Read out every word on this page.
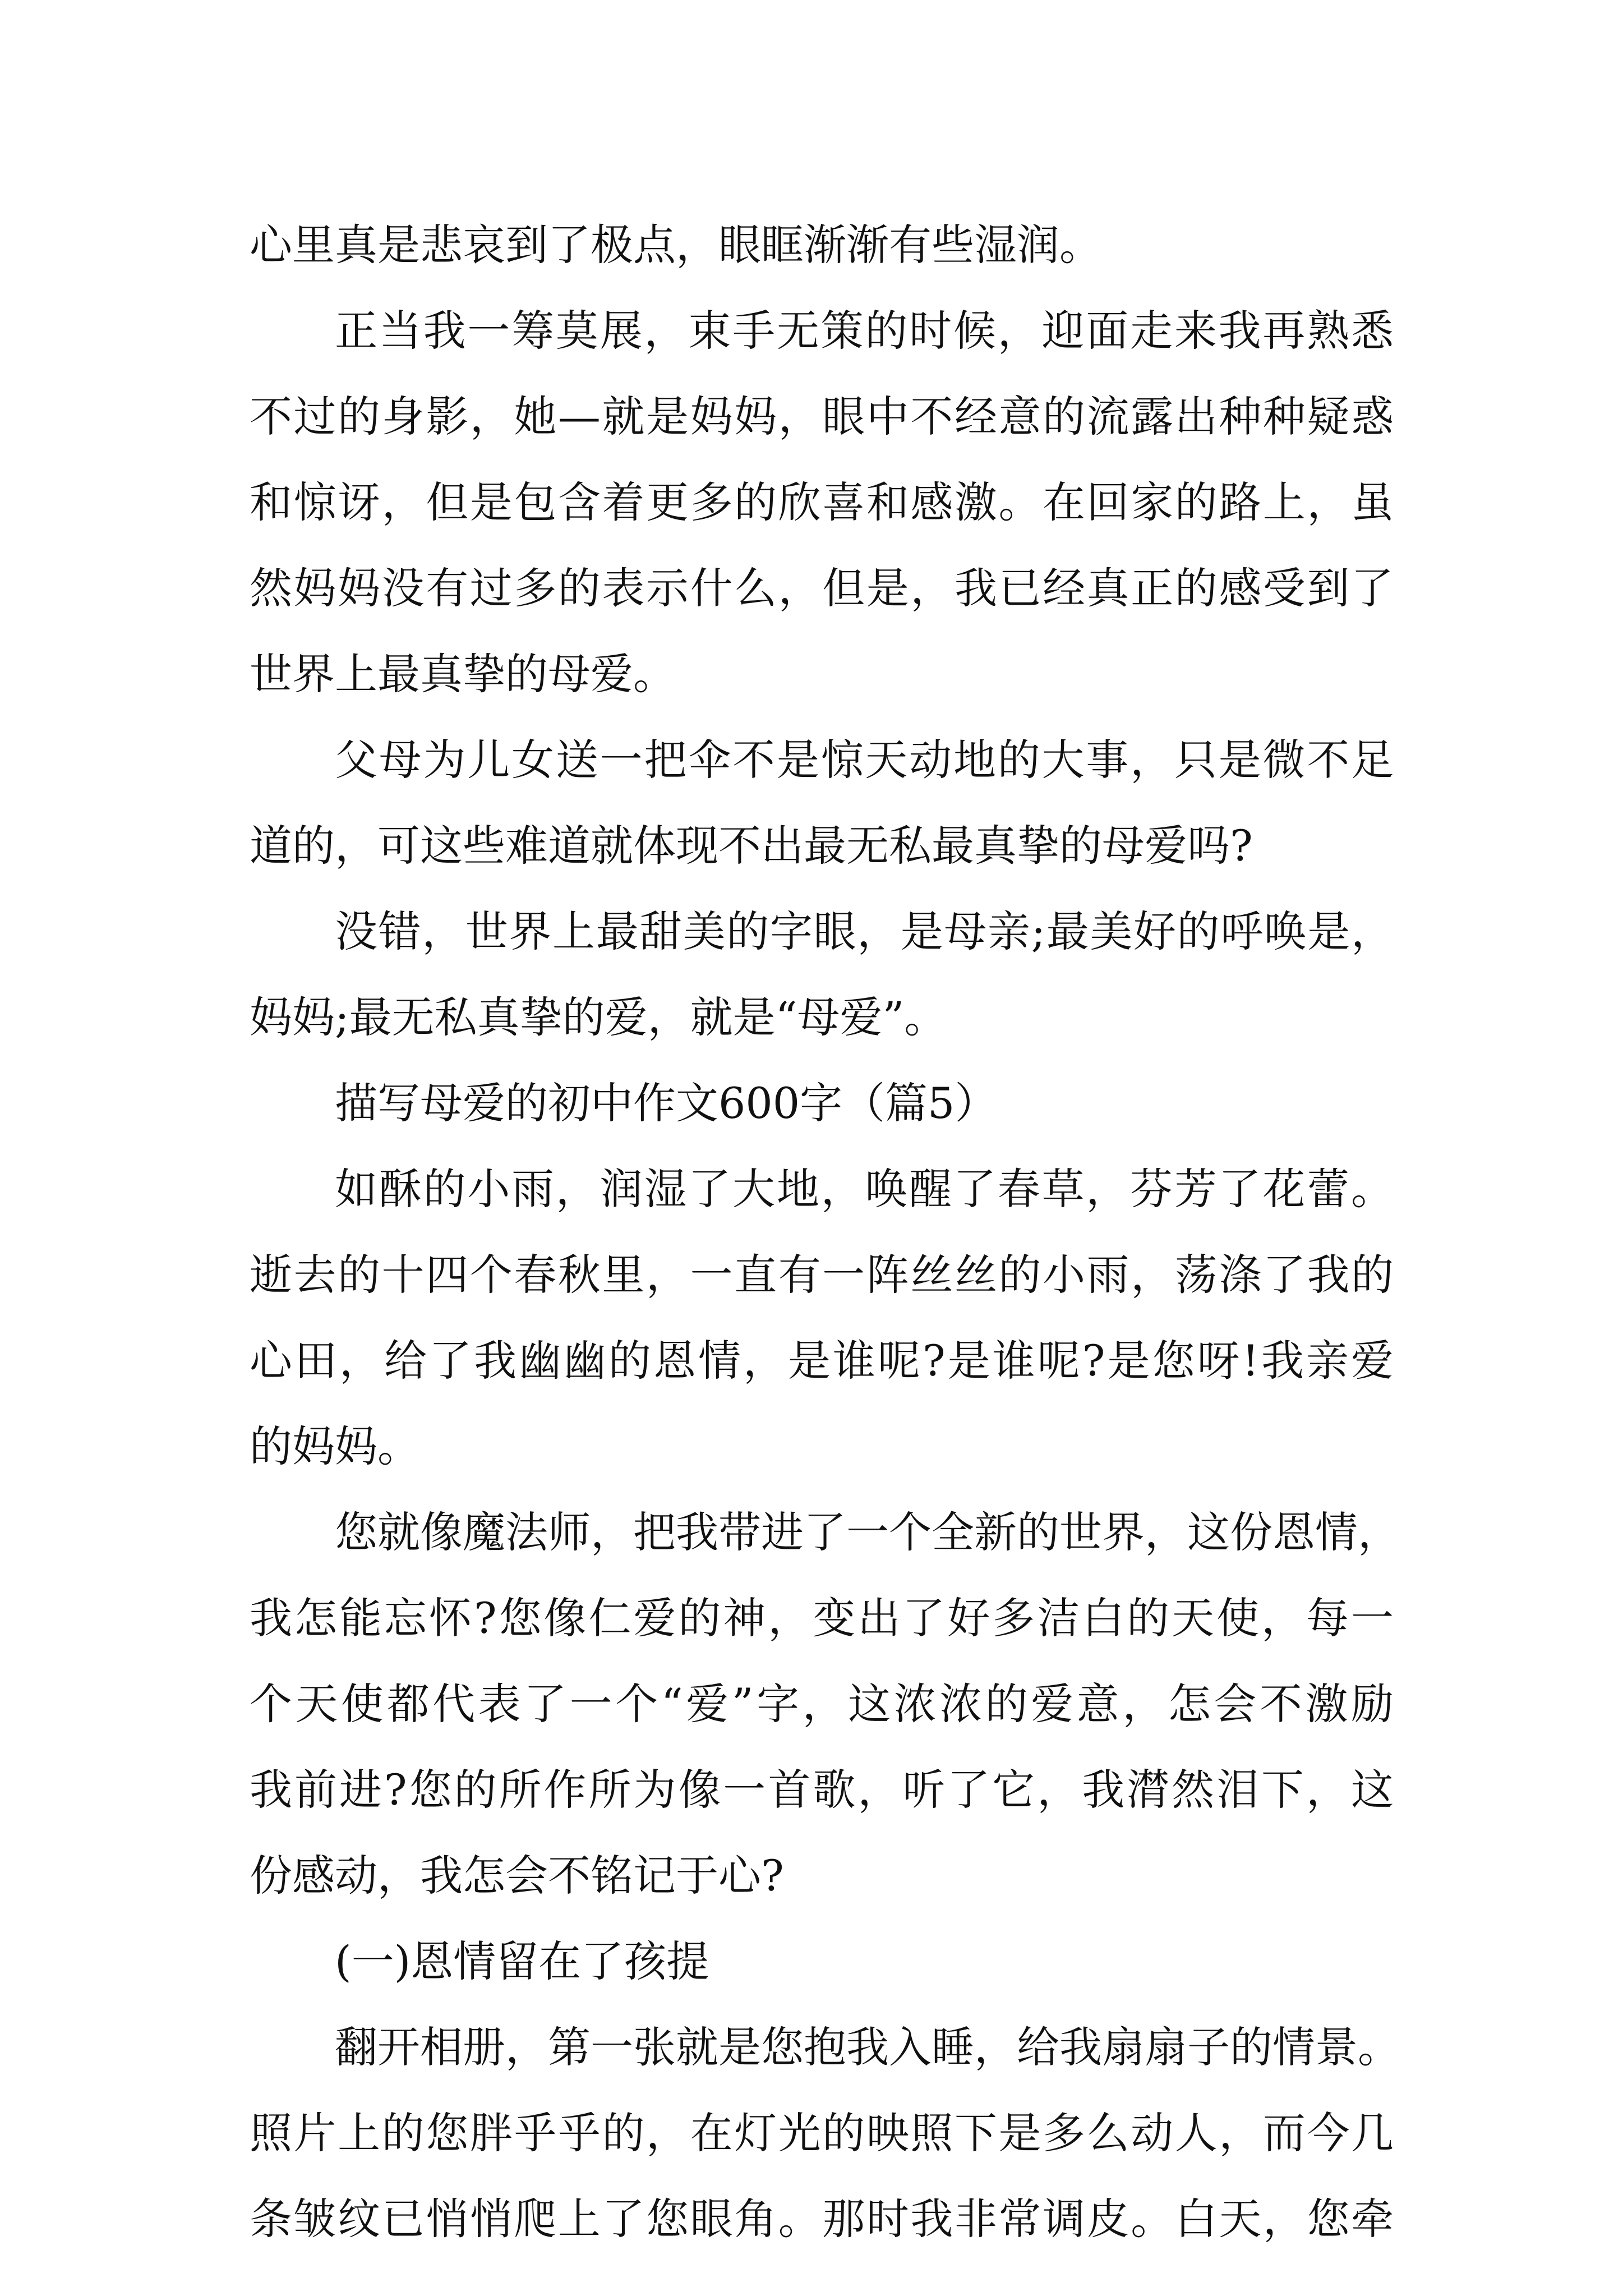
心里真是悲哀到了极点，眼眶渐渐有些湿润。
正当我一筹莫展，束手无策的时候，迎面走来我再熟悉
不过的身影，她—就是妈妈，眼中不经意的流露出种种疑惑
和惊讶，但是包含着更多的欣喜和感激。在回家的路上，虽
然妈妈没有过多的表示什么，但是，我已经真正的感受到了
世界上最真挚的母爱。
父母为儿女送一把伞不是惊天动地的大事，只是微不足
道的，可这些难道就体现不出最无私最真挚的母爱吗?
没错，世界上最甜美的字眼，是母亲;最美好的呼唤是，
妈妈;最无私真挚的爱，就是“母爱”。
描写母爱的初中作文600字（篇5）
如酥的小雨，润湿了大地，唤醒了春草，芬芳了花蕾。
逝去的十四个春秋里，一直有一阵丝丝的小雨，荡涤了我的
心田，给了我幽幽的恩情，是谁呢?是谁呢?是您呀!我亲爱
的妈妈。
您就像魔法师，把我带进了一个全新的世界，这份恩情，
我怎能忘怀?您像仁爱的神，变出了好多洁白的天使，每一
个天使都代表了一个“爱”字，这浓浓的爱意，怎会不激励
我前进?您的所作所为像一首歌，听了它，我潸然泪下，这
份感动，我怎会不铭记于心?
(一)恩情留在了孩提
翻开相册，第一张就是您抱我入睡，给我扇扇子的情景。
照片上的您胖乎乎的，在灯光的映照下是多么动人，而今几
条皱纹已悄悄爬上了您眼角。那时我非常调皮。白天，您牵
